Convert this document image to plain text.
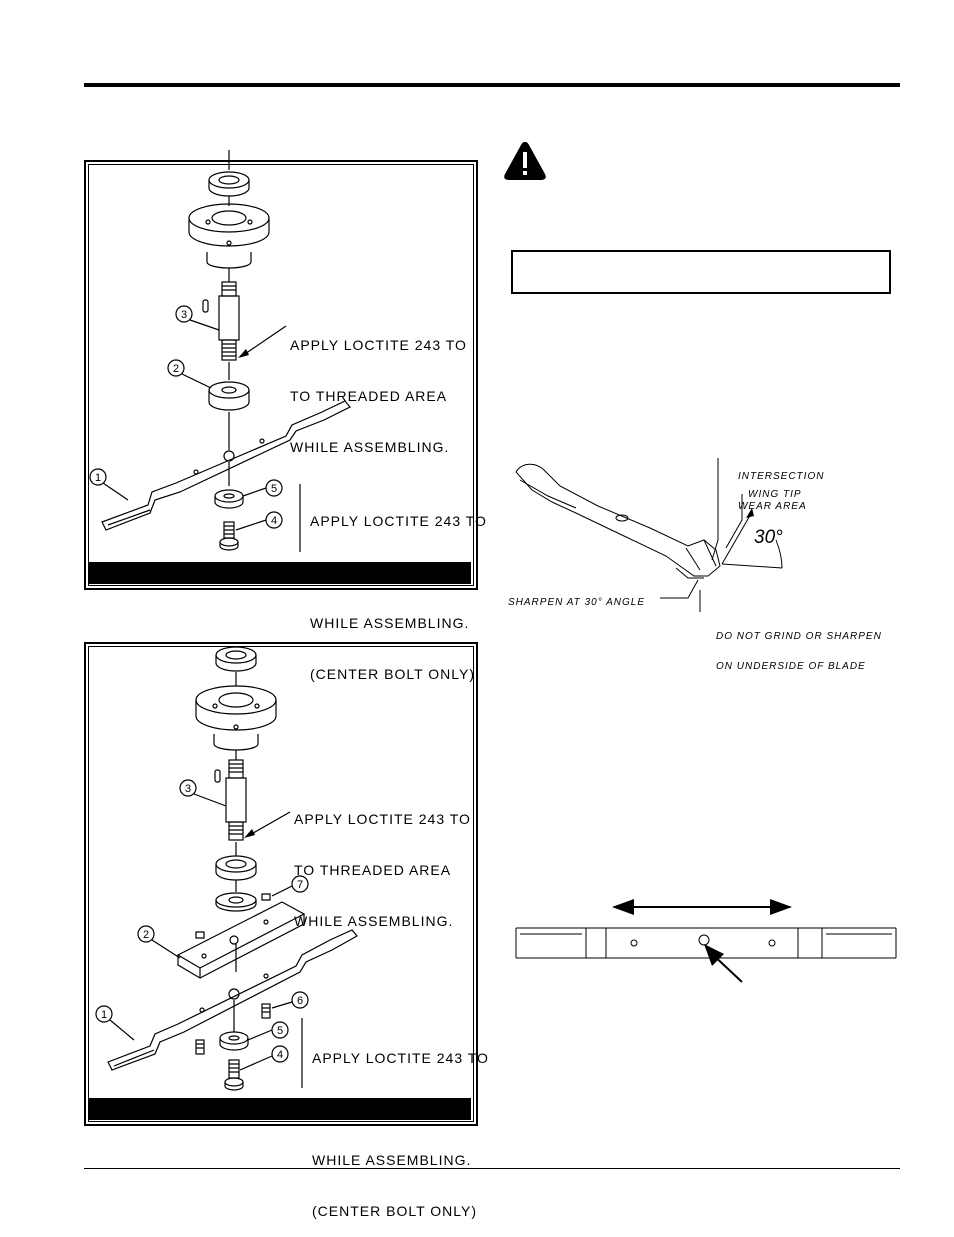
3
2
1
4
5

APPLY LOCTITE 243 TO

TO THREADED AREA

WHILE ASSEMBLING.

APPLY LOCTITE 243 TO

TO THREADED AREA

WHILE ASSEMBLING.

(CENTER BOLT ONLY)

3
7
2
1
6
5
4

APPLY LOCTITE 243 TO

TO THREADED AREA

WHILE ASSEMBLING.

APPLY LOCTITE 243 TO

TO THREADED AREA

WHILE ASSEMBLING.

(CENTER BOLT ONLY)

INTERSECTION

WEAR AREA

WING TIP
30°
SHARPEN AT 30° ANGLE

DO NOT GRIND OR SHARPEN

ON UNDERSIDE OF BLADE
